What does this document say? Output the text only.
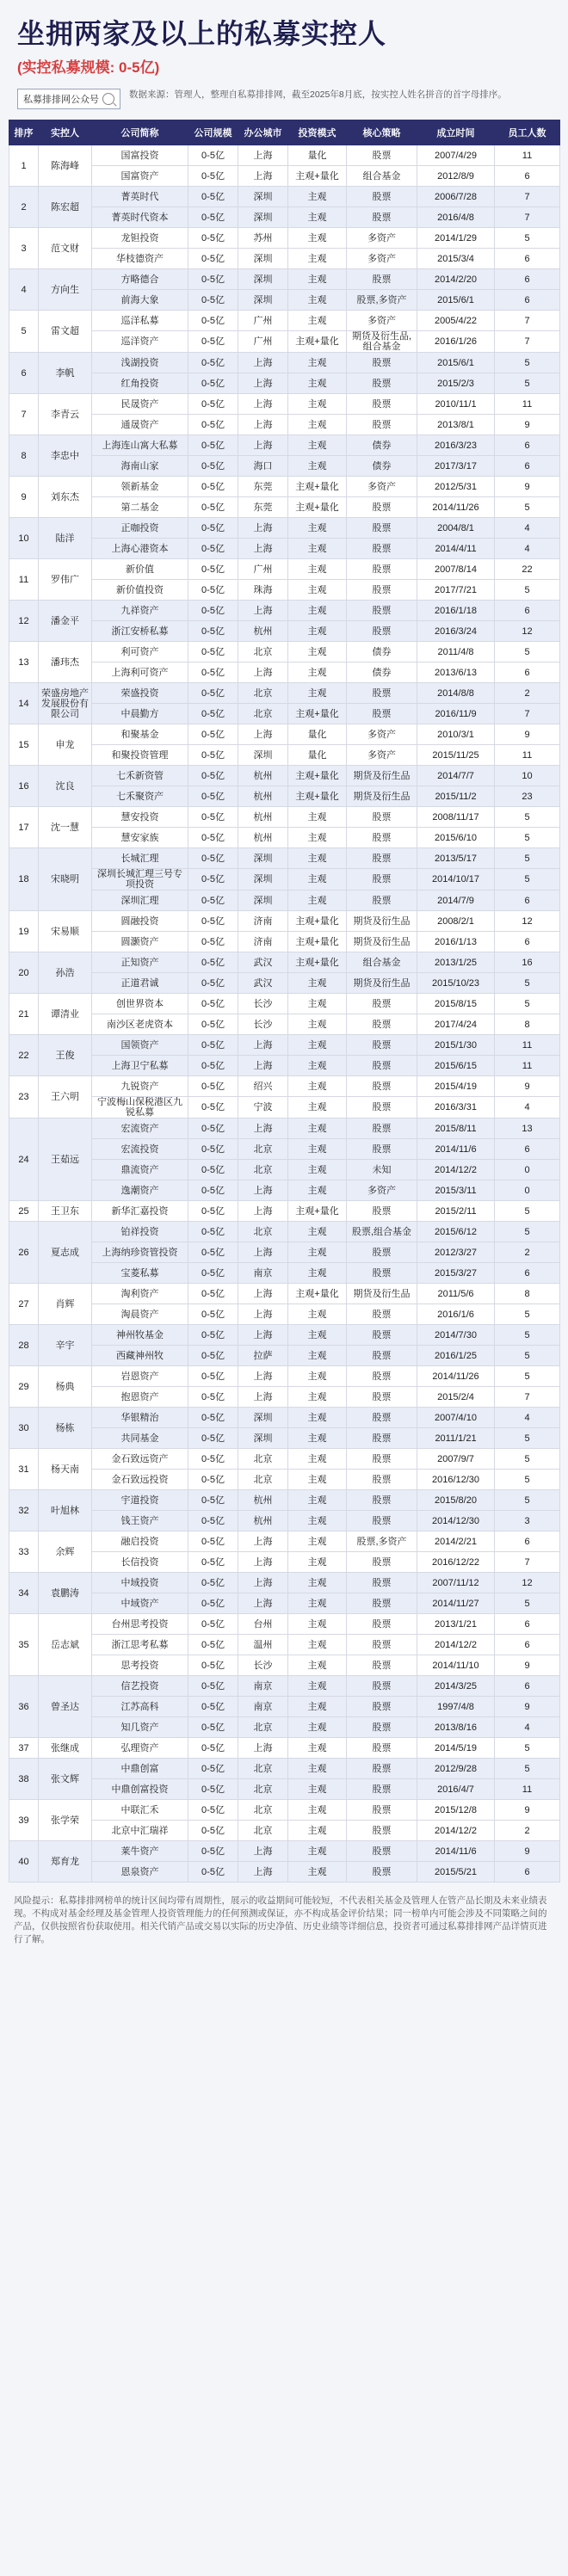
坐拥两家及以上的私募实控人
(实控私募规模: 0-5亿)
私募排排网公众号	数据来源：管理人，整理自私募排排网，截至2025年8月底，按实控人姓名拼音的首字母排序。
排序	实控人	公司简称	公司规模	办公城市	投资模式	核心策略	成立时间	员工人数
1	陈海峰	国富投资	0-5亿	上海	量化	股票	2007/4/29	11
		国富资产	0-5亿	上海	主观+量化	组合基金	2012/8/9	6
2	陈宏超	菁英时代	0-5亿	深圳	主观	股票	2006/7/28	7
		菁英时代资本	0-5亿	深圳	主观	股票	2016/4/8	7
3	范文财	龙钽投资	0-5亿	苏州	主观	多资产	2014/1/29	5
		华枝德资产	0-5亿	深圳	主观	多资产	2015/3/4	6
4	方向生	方略德合	0-5亿	深圳	主观	股票	2014/2/20	6
		前海大象	0-5亿	深圳	主观	股票,多资产	2015/6/1	6
5	雷文超	巡洋私募	0-5亿	广州	主观	多资产	2005/4/22	7
		巡洋资产	0-5亿	广州	主观+量化	期货及衍生品,组合基金	2016/1/26	7
6	李帆	浅湖投资	0-5亿	上海	主观	股票	2015/6/1	5
		红角投资	0-5亿	上海	主观	股票	2015/2/3	5
7	李青云	民晟资产	0-5亿	上海	主观	股票	2010/11/1	11
		通晟资产	0-5亿	上海	主观	股票	2013/8/1	9
8	李忠中	上海连山寓大私募	0-5亿	上海	主观	债券	2016/3/23	6
		海南山家	0-5亿	海口	主观	债券	2017/3/17	6
9	刘东杰	领新基金	0-5亿	东莞	主观+量化	多资产	2012/5/31	9
		第二基金	0-5亿	东莞	主观+量化	股票	2014/11/26	5
10	陆洋	正咖投资	0-5亿	上海	主观	股票	2004/8/1	4
		上海心港资本	0-5亿	上海	主观	股票	2014/4/11	4
11	罗伟广	新价值	0-5亿	广州	主观	股票	2007/8/14	22
		新价值投资	0-5亿	珠海	主观	股票	2017/7/21	5
12	潘金平	九祥资产	0-5亿	上海	主观	股票	2016/1/18	6
		浙江安桥私募	0-5亿	杭州	主观	股票	2016/3/24	12
13	潘玮杰	利可资产	0-5亿	北京	主观	债券	2011/4/8	5
		上海利可资产	0-5亿	上海	主观	债券	2013/6/13	6
14	荣盛房地产发展股份有限公司	荣盛投资	0-5亿	北京	主观	股票	2014/8/8	2
		中晨勤方	0-5亿	北京	主观+量化	股票	2016/11/9	7
15	申龙	和聚基金	0-5亿	上海	量化	多资产	2010/3/1	9
		和聚投资管理	0-5亿	深圳	量化	多资产	2015/11/25	11
16	沈良	七禾新资管	0-5亿	杭州	主观+量化	期货及衍生品	2014/7/7	10
		七禾聚资产	0-5亿	杭州	主观+量化	期货及衍生品	2015/11/2	23
17	沈一慧	慧安投资	0-5亿	杭州	主观	股票	2008/11/17	5
		慧安家族	0-5亿	杭州	主观	股票	2015/6/10	5
18	宋晓明	长城汇理	0-5亿	深圳	主观	股票	2013/5/17	5
		深圳长城汇理三号专项投资	0-5亿	深圳	主观	股票	2014/10/17	5
		深圳汇理	0-5亿	深圳	主观	股票	2014/7/9	6
19	宋易顺	圆融投资	0-5亿	济南	主观+量化	期货及衍生品	2008/2/1	12
		圆灏资产	0-5亿	济南	主观+量化	期货及衍生品	2016/1/13	6
20	孙浩	正知资产	0-5亿	武汉	主观+量化	组合基金	2013/1/25	16
		正道君诚	0-5亿	武汉	主观	期货及衍生品	2015/10/23	5
21	谭清业	创世界资本	0-5亿	长沙	主观	股票	2015/8/15	5
		南沙区老虎资本	0-5亿	长沙	主观	股票	2017/4/24	8
22	王俊	国领资产	0-5亿	上海	主观	股票	2015/1/30	11
		上海卫宁私募	0-5亿	上海	主观	股票	2015/6/15	11
23	王六明	九锐资产	0-5亿	绍兴	主观	股票	2015/4/19	9
		宁波梅山保税港区九锐私募	0-5亿	宁波	主观	股票	2016/3/31	4
24	王茹远	宏流资产	0-5亿	上海	主观	股票	2015/8/11	13
		宏流投资	0-5亿	北京	主观	股票	2014/11/6	6
		鼎流资产	0-5亿	北京	主观	未知	2014/12/2	0
		逸潮资产	0-5亿	上海	主观	多资产	2015/3/11	0
25	王卫东	新华汇嘉投资	0-5亿	上海	主观+量化	股票	2015/2/11	5
26	夏志成	铂祥投资	0-5亿	北京	主观	股票,组合基金	2015/6/12	5
		上海纳珍资管投资	0-5亿	上海	主观	股票	2012/3/27	2
		宝菱私募	0-5亿	南京	主观	股票	2015/3/27	6
27	肖辉	淘利资产	0-5亿	上海	主观+量化	期货及衍生品	2011/5/6	8
		淘晨资产	0-5亿	上海	主观	股票	2016/1/6	5
28	辛宇	神州牧基金	0-5亿	上海	主观	股票	2014/7/30	5
		西藏神州牧	0-5亿	拉萨	主观	股票	2016/1/25	5
29	杨典	岩恩资产	0-5亿	上海	主观	股票	2014/11/26	5
		抱恩资产	0-5亿	上海	主观	股票	2015/2/4	7
30	杨栋	华银精治	0-5亿	深圳	主观	股票	2007/4/10	4
		共同基金	0-5亿	深圳	主观	股票	2011/1/21	5
31	杨天南	金石致远资产	0-5亿	北京	主观	股票	2007/9/7	5
		金石致远投资	0-5亿	北京	主观	股票	2016/12/30	5
32	叶旭林	宇道投资	0-5亿	杭州	主观	股票	2015/8/20	5
		钱王资产	0-5亿	杭州	主观	股票	2014/12/30	3
33	余辉	融启投资	0-5亿	上海	主观	股票,多资产	2014/2/21	6
		长信投资	0-5亿	上海	主观	股票	2016/12/22	7
34	袁鹏涛	中域投资	0-5亿	上海	主观	股票	2007/11/12	12
		中域资产	0-5亿	上海	主观	股票	2014/11/27	5
35	岳志斌	台州思考投资	0-5亿	台州	主观	股票	2013/1/21	6
		浙江思考私募	0-5亿	温州	主观	股票	2014/12/2	6
		思考投资	0-5亿	长沙	主观	股票	2014/11/10	9
36	曾圣达	信艺投资	0-5亿	南京	主观	股票	2014/3/25	6
		江苏高科	0-5亿	南京	主观	股票	1997/4/8	9
		知几资产	0-5亿	北京	主观	股票	2013/8/16	4
37	张继成	弘理资产	0-5亿	上海	主观	股票	2014/5/19	5
38	张文辉	中鼎创富	0-5亿	北京	主观	股票	2012/9/28	5
		中鼎创富投资	0-5亿	北京	主观	股票	2016/4/7	11
39	张学荣	中联汇禾	0-5亿	北京	主观	股票	2015/12/8	9
		北京中汇瑞祥	0-5亿	北京	主观	股票	2014/12/2	2
40	郑育龙	莱牛资产	0-5亿	上海	主观	股票	2014/11/6	9
		恩泉资产	0-5亿	上海	主观	股票	2015/5/21	6
风险提示：私募排排网榜单的统计区间均带有周期性，展示的收益期间可能较短，不代表相关基金及管理人在管产品长期及未来业绩表现。不构成对基金经理及基金管理人投资管理能力的任何预测或保证，亦不构成基金评价结果；同一榜单内可能会涉及不同策略之间的产品，仅供按照省份获取使用。相关代销产品或交易以实际的历史净值、历史业绩等详细信息，投资者可通过私募排排网产品详情页进行了解。
